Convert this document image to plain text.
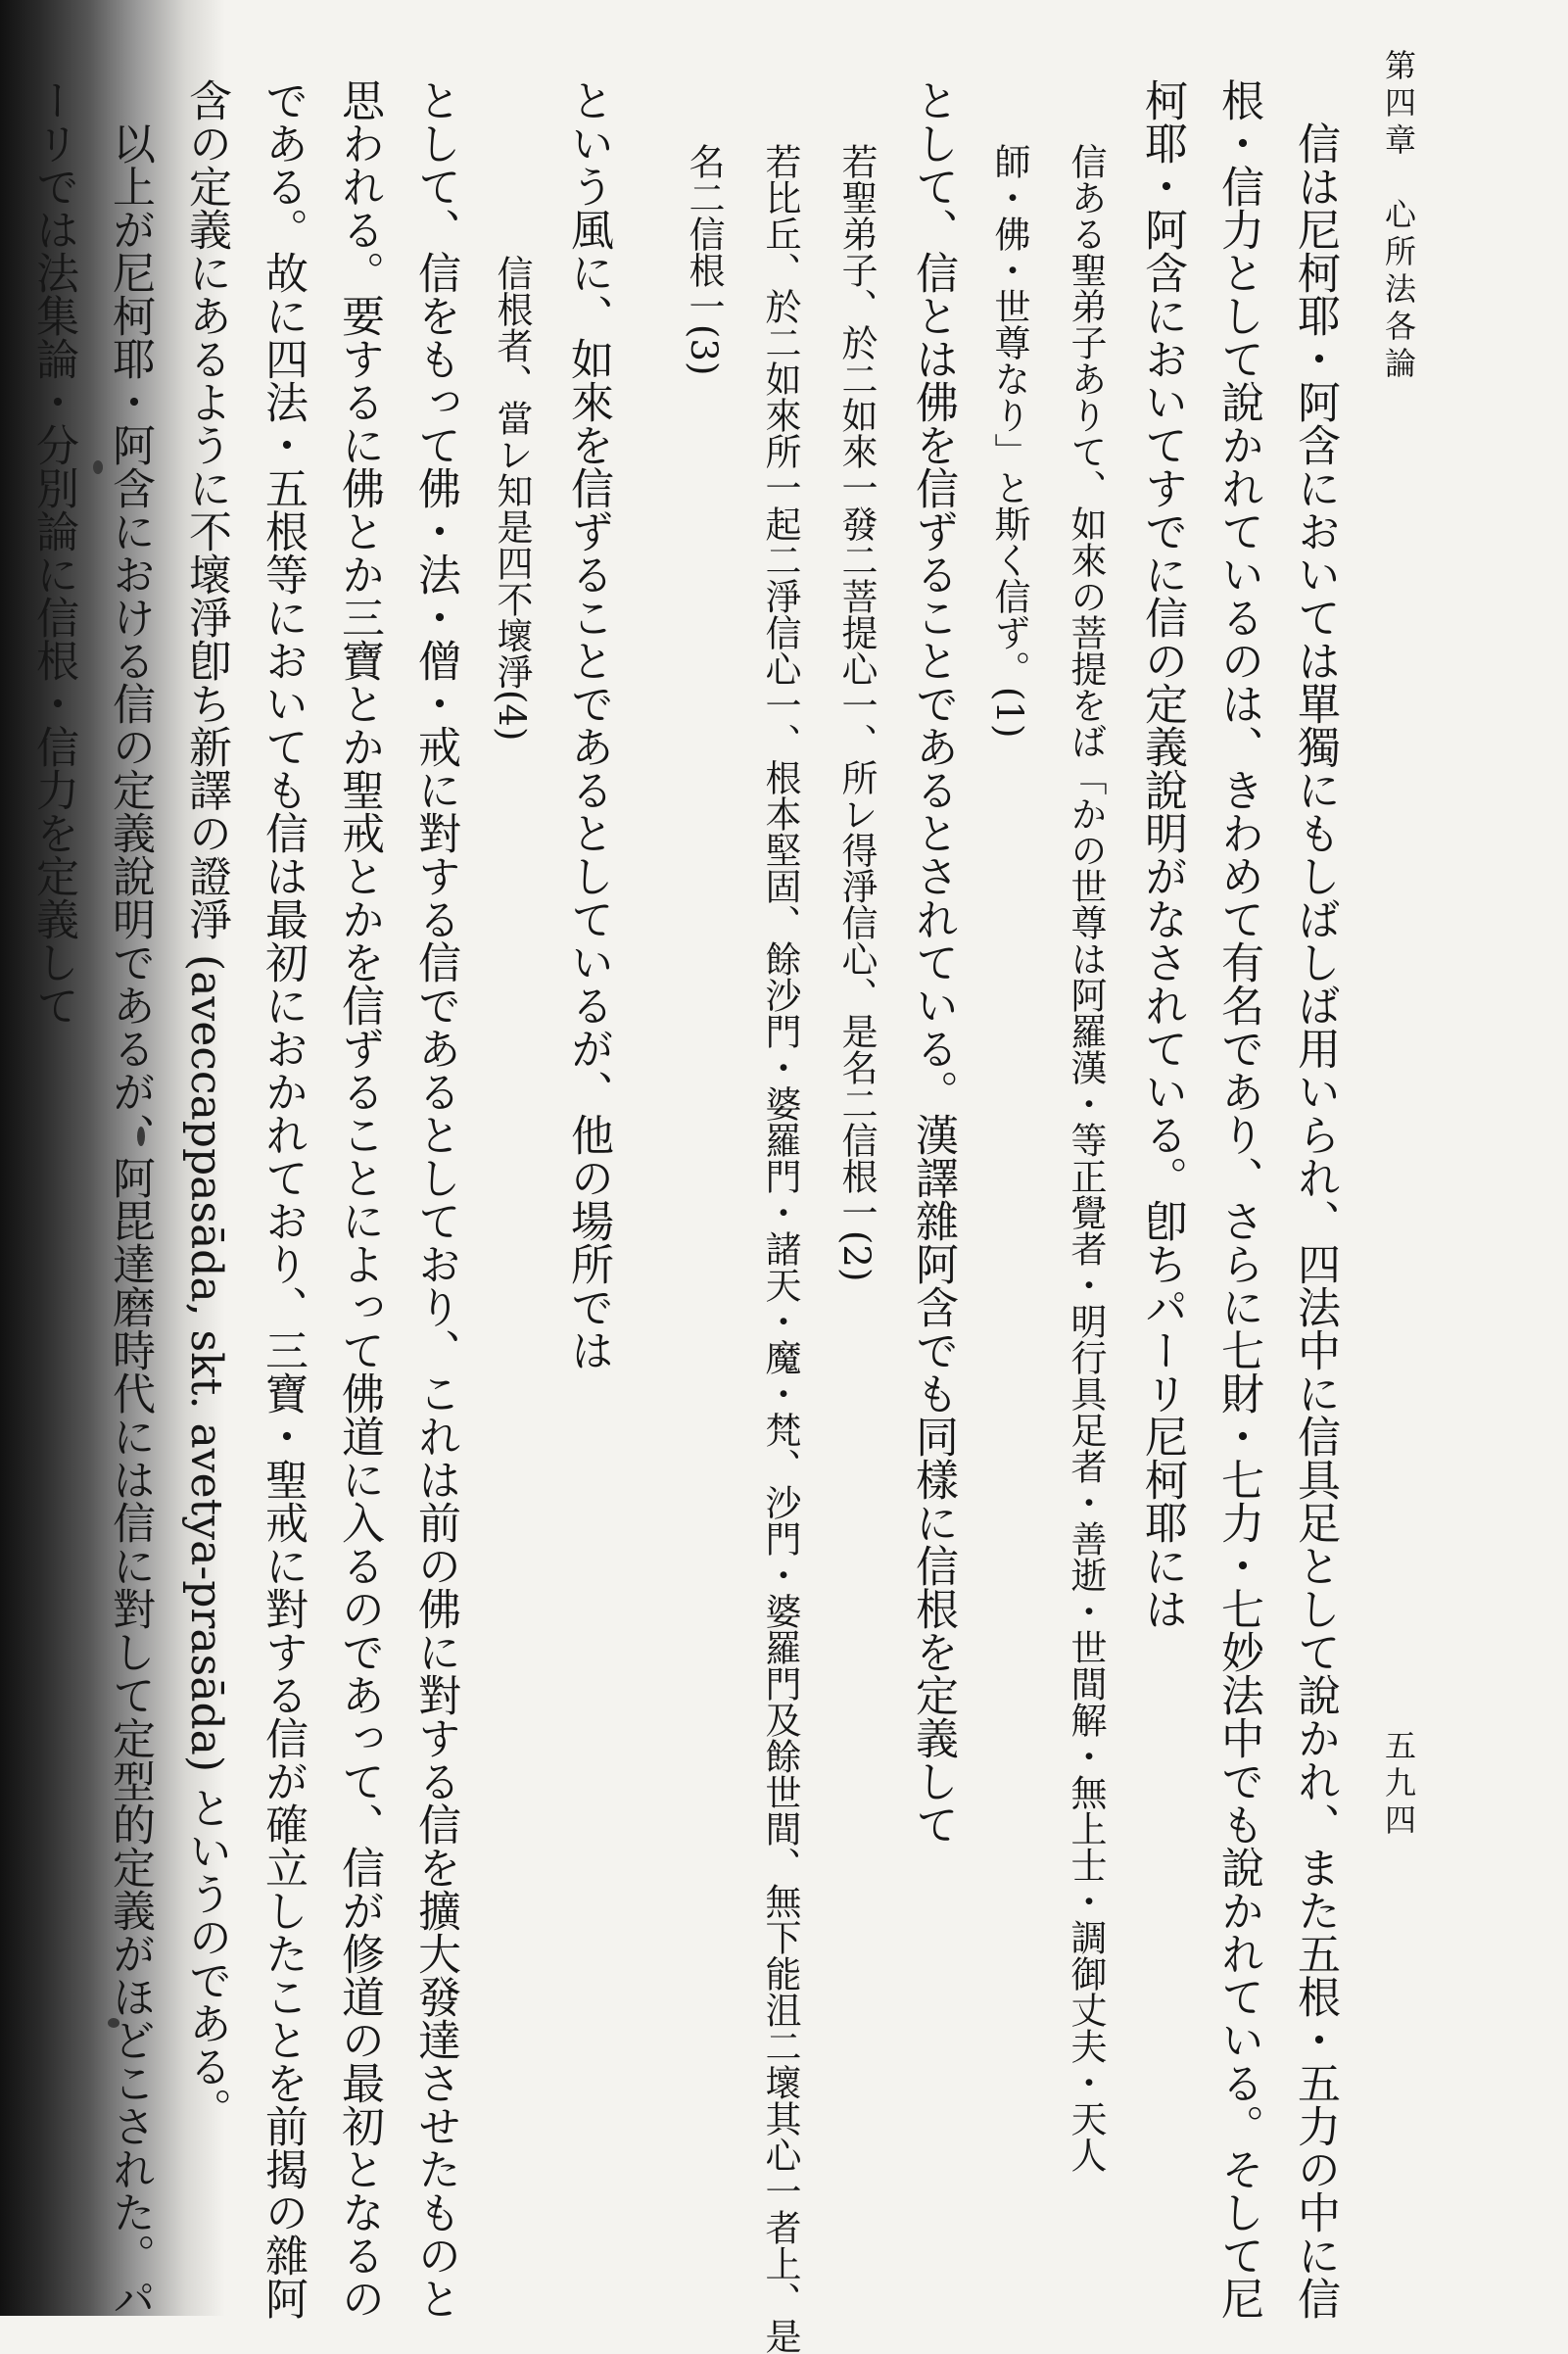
第四章　心所法各論
五九四
信は尼柯耶・阿含においては單獨にもしばしば用いられ、四法中に信具足として說かれ、また五根・五力の中に信
根・信力として說かれているのは、きわめて有名であり、さらに七財・七力・七妙法中でも說かれている。そして尼
柯耶・阿含においてすでに信の定義說明がなされている。卽ちパーリ尼柯耶には
信ある聖弟子ありて、如來の菩提をば「かの世尊は阿羅漢・等正覺者・明行具足者・善逝・世間解・無上士・調御丈夫・天人
師・佛・世尊なり」と斯く信ず。(1)
として、信とは佛を信ずることであるとされている。漢譯雜阿含でも同樣に信根を定義して
若聖弟子、於二如來一發二菩提心一、所レ得淨信心、是名二信根一(2)
若比丘、於二如來所一起二淨信心一、根本堅固、餘沙門・婆羅門・諸天・魔・梵、沙門・婆羅門及餘世間、無下能沮二壞其心一者上、是
名二信根一(3)
という風に、如來を信ずることであるとしているが、他の場所では
信根者、當レ知是四不壞淨(4)
として、信をもって佛・法・僧・戒に對する信であるとしており、これは前の佛に對する信を擴大發達させたものと
思われる。要するに佛とか三寶とか聖戒とかを信ずることによって佛道に入るのであって、信が修道の最初となるの
である。故に四法・五根等においても信は最初におかれており、三寶・聖戒に對する信が確立したことを前揭の雜阿
含の定義にあるように不壞淨卽ち新譯の證淨 (aveccappasāda, skt. avetya-prasāda) というのである。
以上が尼柯耶・阿含における信の定義說明であるが、阿毘達磨時代には信に對して定型的定義がほどこされた。パ
ーリでは法集論・分別論に信根・信力を定義して
